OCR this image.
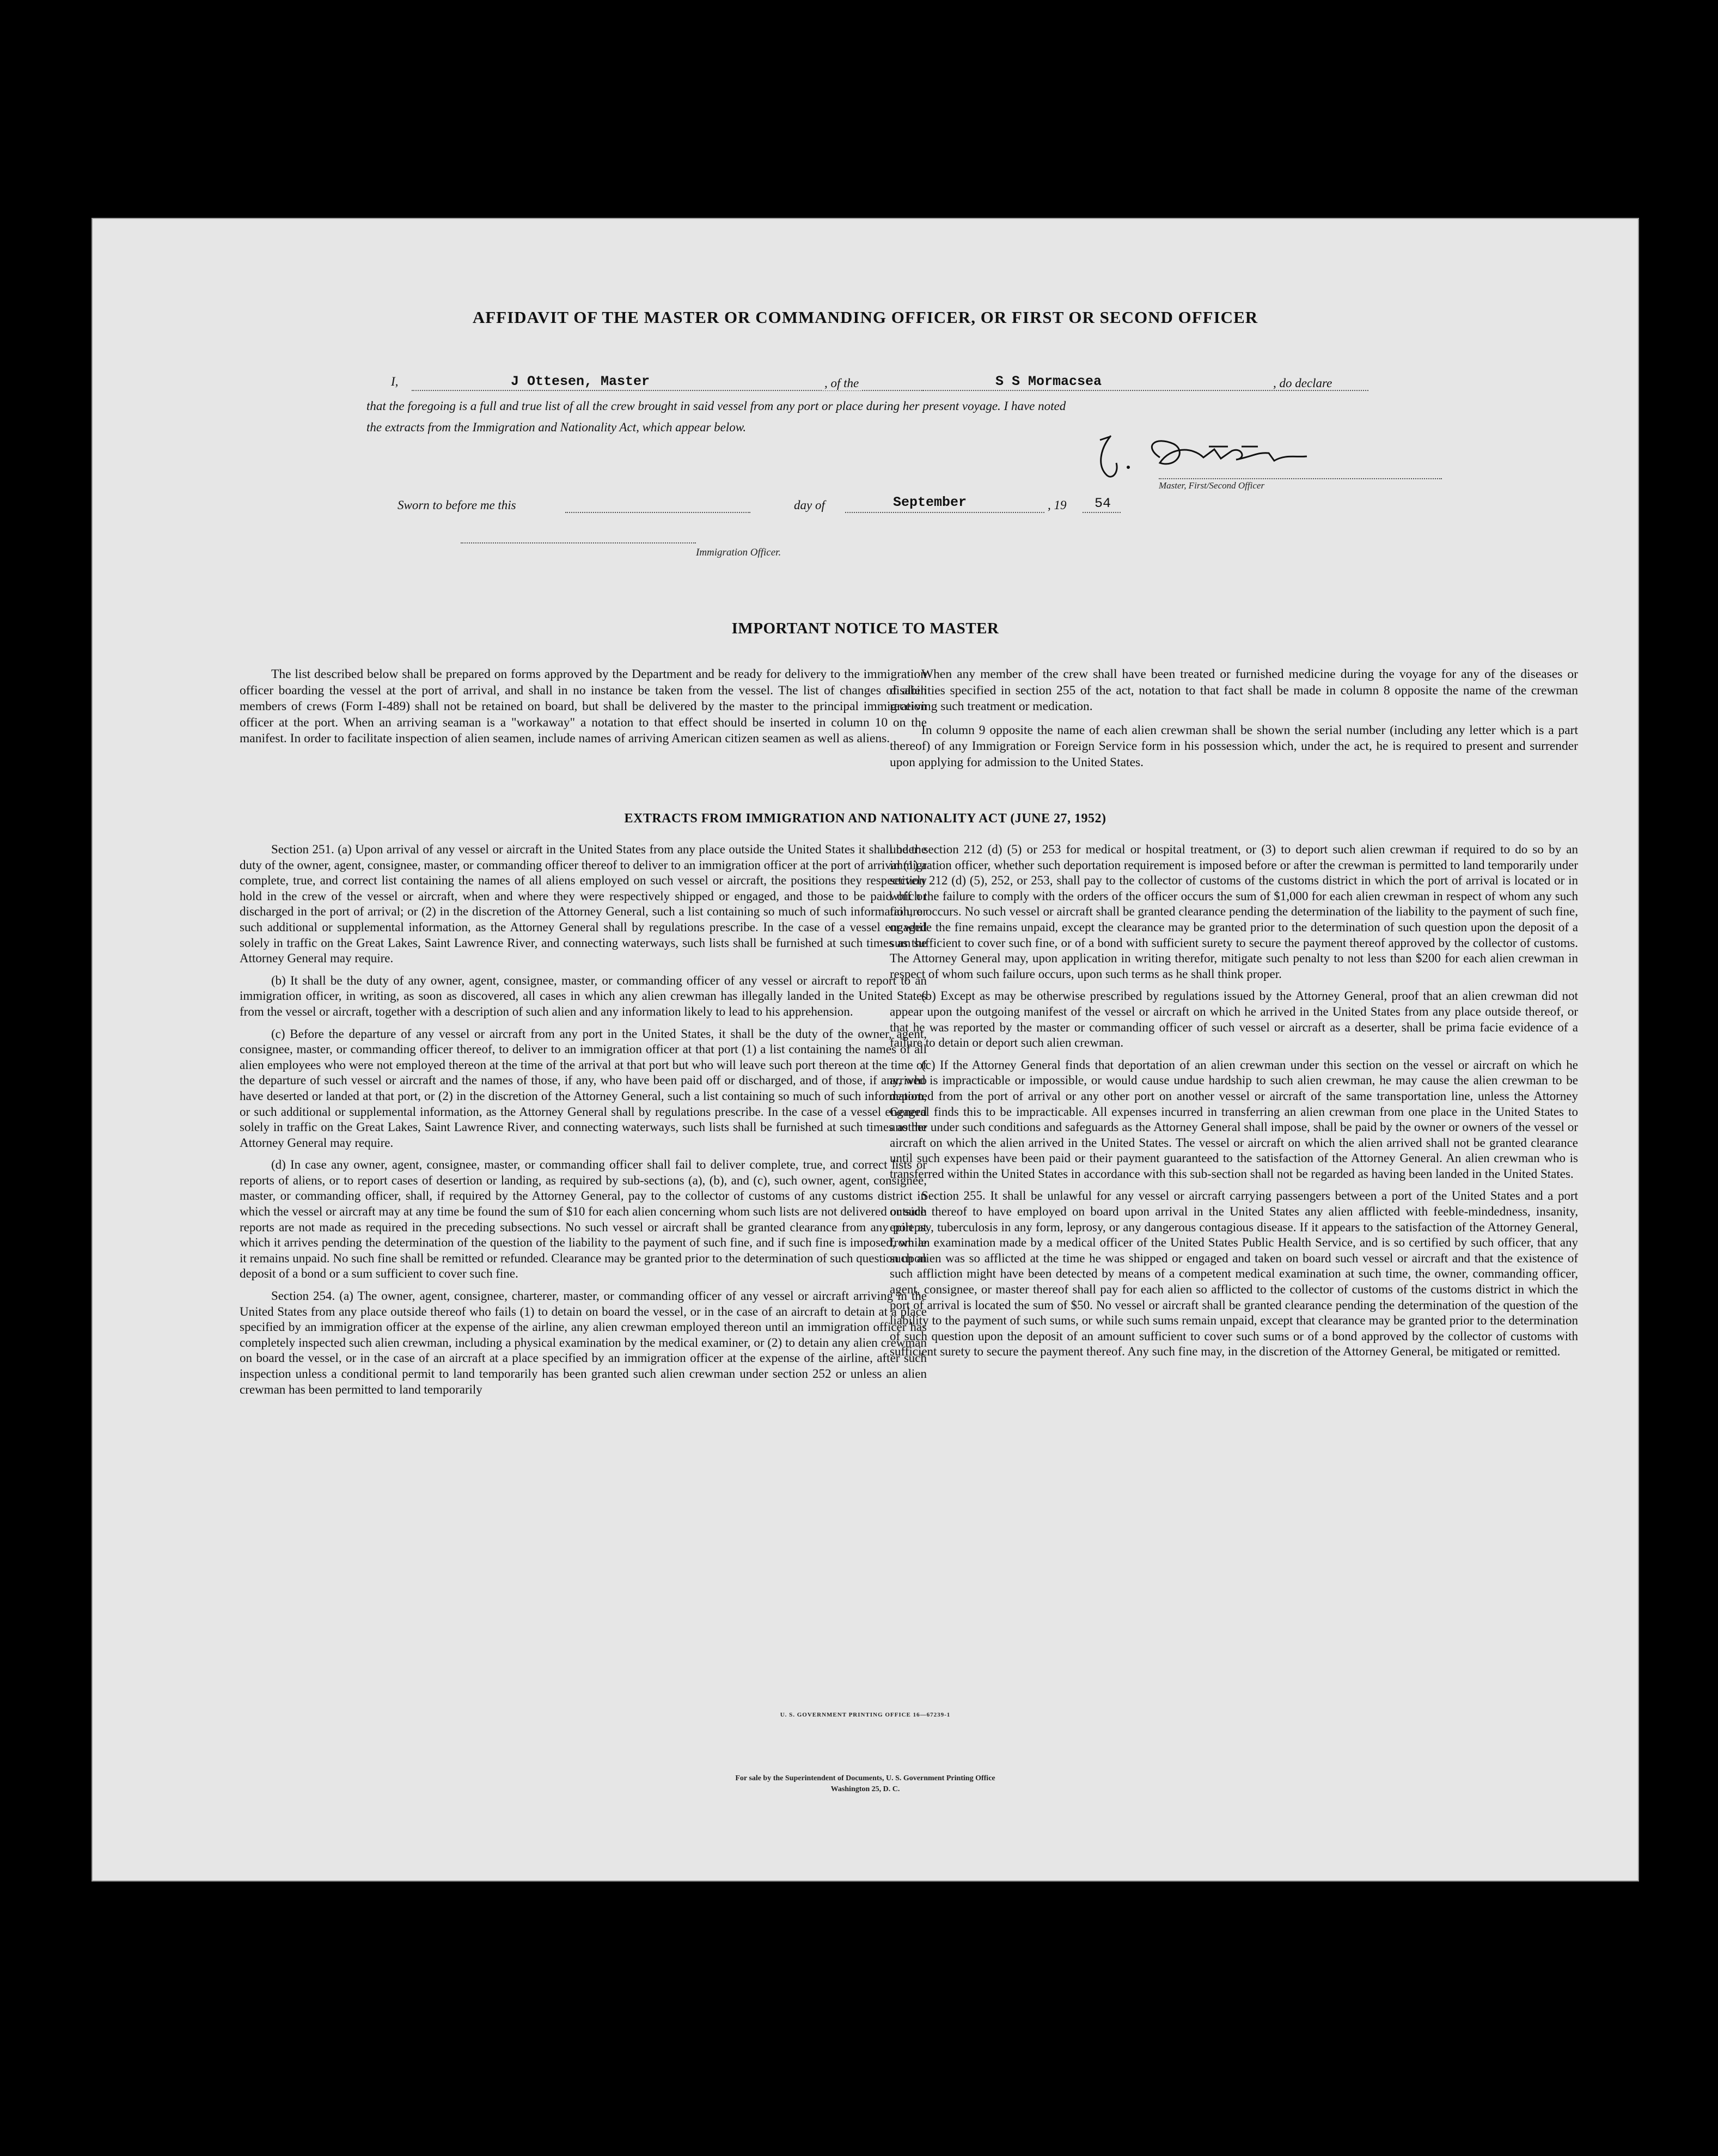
AFFIDAVIT OF THE MASTER OR COMMANDING OFFICER, OR FIRST OR SECOND OFFICER
I,	J Ottesen, Master	, of the	S S Mormacsea	, do declare
that the foregoing is a full and true list of all the crew brought in said vessel from any port or place during her present voyage. I have noted
the extracts from the Immigration and Nationality Act, which appear below.
Master, First/Second Officer
Sworn to before me this	day of	September	, 19 54
Immigration Officer.
IMPORTANT NOTICE TO MASTER

The list described below shall be prepared on forms approved by the Department and be ready for delivery to the immigration officer boarding the vessel at the port of arrival, and shall in no instance be taken from the vessel. The list of changes of alien members of crews (Form I-489) shall not be retained on board, but shall be delivered by the master to the principal immigration officer at the port. When an arriving seaman is a "workaway" a notation to that effect should be inserted in column 10 on the manifest. In order to facilitate inspection of alien seamen, include names of arriving American citizen seamen as well as aliens.

When any member of the crew shall have been treated or furnished medicine during the voyage for any of the diseases or disabilities specified in section 255 of the act, notation to that fact shall be made in column 8 opposite the name of the crewman receiving such treatment or medication.

In column 9 opposite the name of each alien crewman shall be shown the serial number (including any letter which is a part thereof) of any Immigration or Foreign Service form in his possession which, under the act, he is required to present and surrender upon applying for admission to the United States.

EXTRACTS FROM IMMIGRATION AND NATIONALITY ACT (JUNE 27, 1952)

Section 251. (a) Upon arrival of any vessel or aircraft in the United States from any place outside the United States it shall be the duty of the owner, agent, consignee, master, or commanding officer thereof to deliver to an immigration officer at the port of arrival (1) a complete, true, and correct list containing the names of all aliens employed on such vessel or aircraft, the positions they respectively hold in the crew of the vessel or aircraft, when and where they were respectively shipped or engaged, and those to be paid off or discharged in the port of arrival; or (2) in the discretion of the Attorney General, such a list containing so much of such information, or such additional or supplemental information, as the Attorney General shall by regulations prescribe. In the case of a vessel engaged solely in traffic on the Great Lakes, Saint Lawrence River, and connecting waterways, such lists shall be furnished at such times as the Attorney General may require.

(b) It shall be the duty of any owner, agent, consignee, master, or commanding officer of any vessel or aircraft to report to an immigration officer, in writing, as soon as discovered, all cases in which any alien crewman has illegally landed in the United States from the vessel or aircraft, together with a description of such alien and any information likely to lead to his apprehension.

(c) Before the departure of any vessel or aircraft from any port in the United States, it shall be the duty of the owner, agent, consignee, master, or commanding officer thereof, to deliver to an immigration officer at that port (1) a list containing the names of all alien employees who were not employed thereon at the time of the arrival at that port but who will leave such port thereon at the time of the departure of such vessel or aircraft and the names of those, if any, who have been paid off or discharged, and of those, if any, who have deserted or landed at that port, or (2) in the discretion of the Attorney General, such a list containing so much of such information, or such additional or supplemental information, as the Attorney General shall by regulations prescribe. In the case of a vessel engaged solely in traffic on the Great Lakes, Saint Lawrence River, and connecting waterways, such lists shall be furnished at such times as the Attorney General may require.

(d) In case any owner, agent, consignee, master, or commanding officer shall fail to deliver complete, true, and correct lists or reports of aliens, or to report cases of desertion or landing, as required by sub-sections (a), (b), and (c), such owner, agent, consignee, master, or commanding officer, shall, if required by the Attorney General, pay to the collector of customs of any customs district in which the vessel or aircraft may at any time be found the sum of $10 for each alien concerning whom such lists are not delivered or such reports are not made as required in the preceding subsections. No such vessel or aircraft shall be granted clearance from any port at which it arrives pending the determination of the question of the liability to the payment of such fine, and if such fine is imposed, while it remains unpaid. No such fine shall be remitted or refunded. Clearance may be granted prior to the determination of such question upon deposit of a bond or a sum sufficient to cover such fine.

Section 254. (a) The owner, agent, consignee, charterer, master, or commanding officer of any vessel or aircraft arriving in the United States from any place outside thereof who fails (1) to detain on board the vessel, or in the case of an aircraft to detain at a place specified by an immigration officer at the expense of the airline, any alien crewman employed thereon until an immigration officer has completely inspected such alien crewman, including a physical examination by the medical examiner, or (2) to detain any alien crewman on board the vessel, or in the case of an aircraft at a place specified by an immigration officer at the expense of the airline, after such inspection unless a conditional permit to land temporarily has been granted such alien crewman under section 252 or unless an alien crewman has been permitted to land temporarily

under section 212 (d) (5) or 253 for medical or hospital treatment, or (3) to deport such alien crewman if required to do so by an immigration officer, whether such deportation requirement is imposed before or after the crewman is permitted to land temporarily under section 212 (d) (5), 252, or 253, shall pay to the collector of customs of the customs district in which the port of arrival is located or in which the failure to comply with the orders of the officer occurs the sum of $1,000 for each alien crewman in respect of whom any such failure occurs. No such vessel or aircraft shall be granted clearance pending the determination of the liability to the payment of such fine, or while the fine remains unpaid, except the clearance may be granted prior to the determination of such question upon the deposit of a sum sufficient to cover such fine, or of a bond with sufficient surety to secure the payment thereof approved by the collector of customs. The Attorney General may, upon application in writing therefor, mitigate such penalty to not less than $200 for each alien crewman in respect of whom such failure occurs, upon such terms as he shall think proper.

(b) Except as may be otherwise prescribed by regulations issued by the Attorney General, proof that an alien crewman did not appear upon the outgoing manifest of the vessel or aircraft on which he arrived in the United States from any place outside thereof, or that he was reported by the master or commanding officer of such vessel or aircraft as a deserter, shall be prima facie evidence of a failure to detain or deport such alien crewman.

(c) If the Attorney General finds that deportation of an alien crewman under this section on the vessel or aircraft on which he arrived is impracticable or impossible, or would cause undue hardship to such alien crewman, he may cause the alien crewman to be deported from the port of arrival or any other port on another vessel or aircraft of the same transportation line, unless the Attorney General finds this to be impracticable. All expenses incurred in transferring an alien crewman from one place in the United States to another under such conditions and safeguards as the Attorney General shall impose, shall be paid by the owner or owners of the vessel or aircraft on which the alien arrived in the United States. The vessel or aircraft on which the alien arrived shall not be granted clearance until such expenses have been paid or their payment guaranteed to the satisfaction of the Attorney General. An alien crewman who is transferred within the United States in accordance with this sub-section shall not be regarded as having been landed in the United States.

Section 255. It shall be unlawful for any vessel or aircraft carrying passengers between a port of the United States and a port outside thereof to have employed on board upon arrival in the United States any alien afflicted with feeble-mindedness, insanity, epilepsy, tuberculosis in any form, leprosy, or any dangerous contagious disease. If it appears to the satisfaction of the Attorney General, from an examination made by a medical officer of the United States Public Health Service, and is so certified by such officer, that any such alien was so afflicted at the time he was shipped or engaged and taken on board such vessel or aircraft and that the existence of such affliction might have been detected by means of a competent medical examination at such time, the owner, commanding officer, agent, consignee, or master thereof shall pay for each alien so afflicted to the collector of customs of the customs district in which the port of arrival is located the sum of $50. No vessel or aircraft shall be granted clearance pending the determination of the question of the liability to the payment of such sums, or while such sums remain unpaid, except that clearance may be granted prior to the determination of such question upon the deposit of an amount sufficient to cover such sums or of a bond approved by the collector of customs with sufficient surety to secure the payment thereof. Any such fine may, in the discretion of the Attorney General, be mitigated or remitted.

U. S. GOVERNMENT PRINTING OFFICE 16—67239-1
For sale by the Superintendent of Documents, U. S. Government Printing Office
Washington 25, D. C.
